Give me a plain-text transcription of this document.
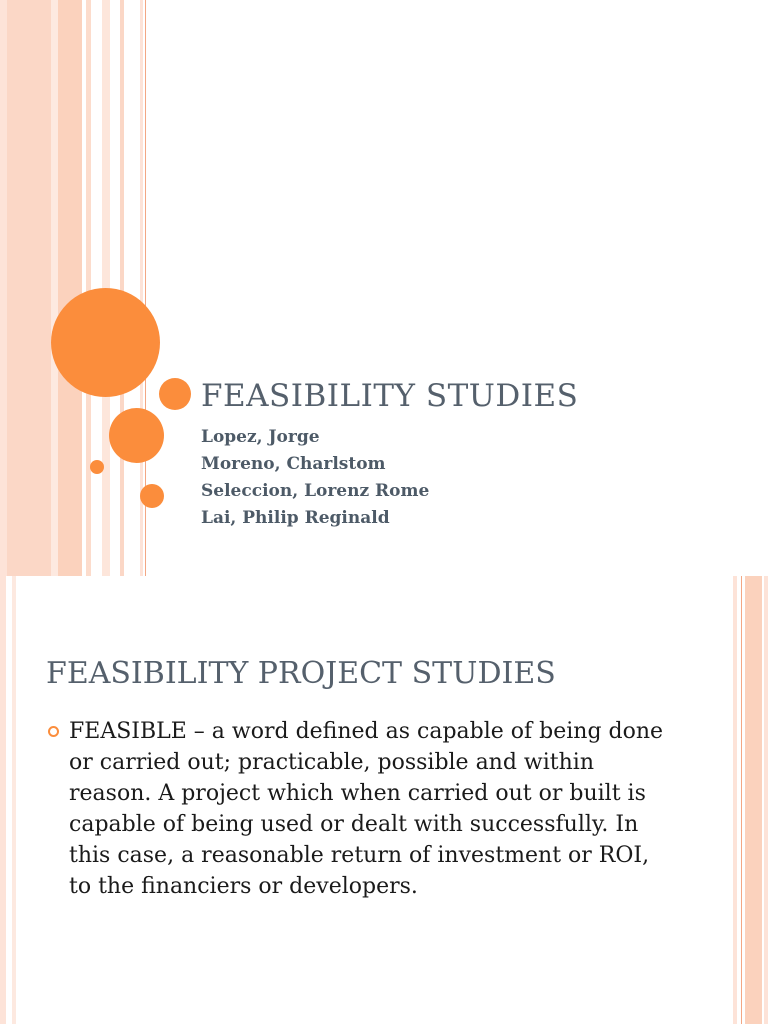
FEASIBILITY STUDIES
Lopez, Jorge
Moreno, Charlstom
Seleccion, Lorenz Rome
Lai, Philip Reginald
FEASIBILITY PROJECT STUDIES

FEASIBLE – a word defined as capable of being done or carried out; practicable, possible and within reason. A project which when carried out or built is capable of being used or dealt with successfully. In this case, a reasonable return of investment or ROI, to the financiers or developers.
